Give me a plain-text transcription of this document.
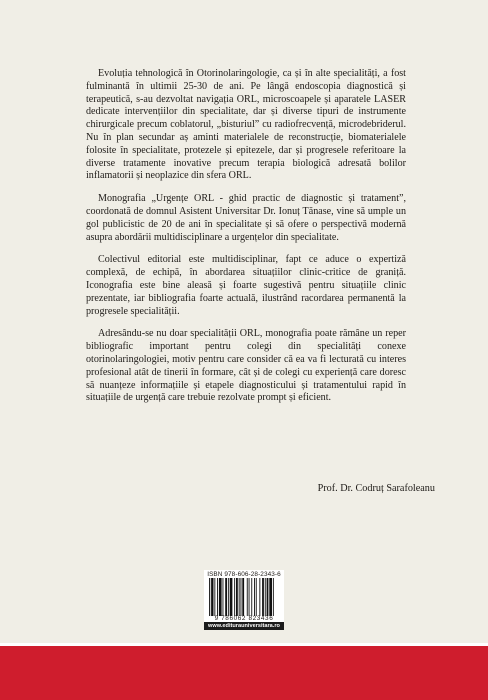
Evoluția tehnologică în Otorinolaringologie, ca și în alte specialități, a fost fulminantă în ultimii 25-30 de ani. Pe lângă endoscopia diagnostică și terapeutică, s-au dezvoltat navigația ORL, microscoapele și aparatele LASER dedicate intervențiilor din specialitate, dar și diverse tipuri de instrumente chirurgicale precum coblatorul, „bisturiul” cu radiofrecvență, microdebriderul. Nu în plan secundar aș aminti materialele de reconstrucție, biomaterialele folosite în specialitate, protezele și epitezele, dar și progresele referitoare la diverse tratamente inovative precum terapia biologică adresată bolilor inflamatorii și neoplazice din sfera ORL.

Monografia „Urgențe ORL - ghid practic de diagnostic și tratament”, coordonată de domnul Asistent Universitar Dr. Ionuț Tănase, vine să umple un gol publicistic de 20 de ani în specialitate și să ofere o perspectivă modernă asupra abordării multidisciplinare a urgențelor din specialitate.

Colectivul editorial este multidisciplinar, fapt ce aduce o expertiză complexă, de echipă, în abordarea situațiilor clinic-critice de graniță. Iconografia este bine aleasă și foarte sugestivă pentru situațiile clinic prezentate, iar bibliografia foarte actuală, ilustrând racordarea permanentă la progresele specialității.

Adresându-se nu doar specialității ORL, monografia poate rămâne un reper bibliografic important pentru colegi din specialități conexe otorinolaringologiei, motiv pentru care consider că ea va fi lecturată cu interes profesional atât de tinerii în formare, cât și de colegi cu experiență care doresc să nuanțeze informațiile și etapele diagnosticului și tratamentului rapid în situațiile de urgență care trebuie rezolvate prompt și eficient.

Prof. Dr. Codruț Sarafoleanu
ISBN 978-606-28-2343-6
9 786062 823436
www.editurauniversitara.ro
